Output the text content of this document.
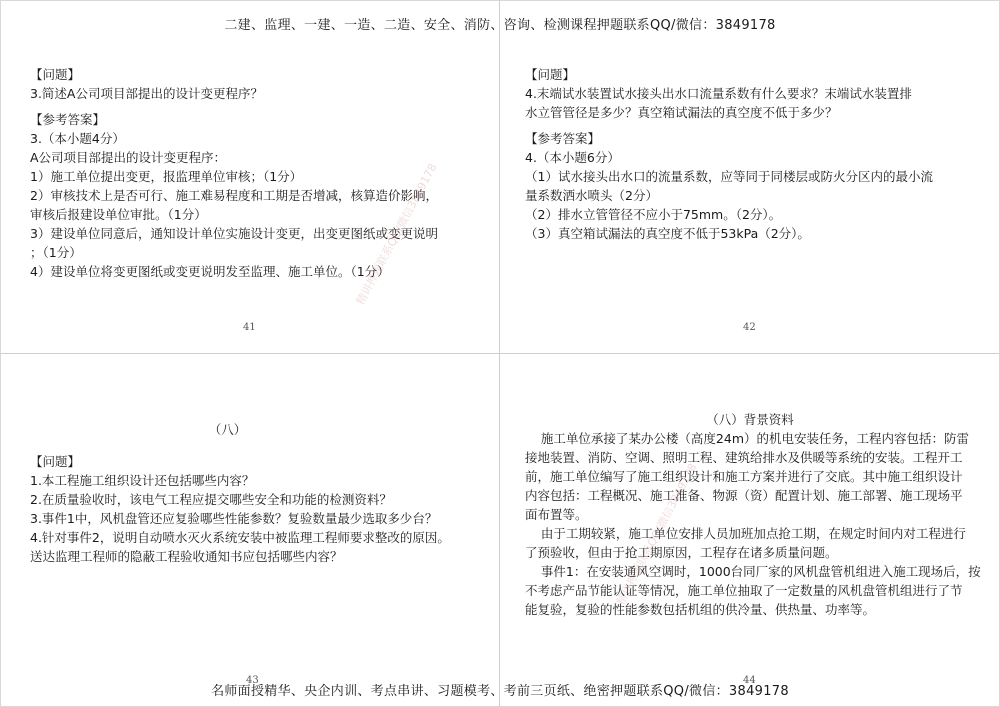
二建、监理、一建、一造、二造、安全、消防、咨询、检测课程押题联系QQ/微信：3849178

【问题】

3.简述A公司项目部提出的设计变更程序？

【参考答案】

3.（本小题4分）

A公司项目部提出的设计变更程序：

1）施工单位提出变更，报监理单位审核；（1分）

2）审核技术上是否可行、施工难易程度和工期是否增减，核算造价影响，

审核后报建设单位审批。（1分）

3）建设单位同意后，通知设计单位实施设计变更，出变更图纸或变更说明

；（1分）

4）建设单位将变更图纸或变更说明发至监理、施工单位。（1分）

41

【问题】

4.末端试水装置试水接头出水口流量系数有什么要求？末端试水装置排

水立管管径是多少？真空箱试漏法的真空度不低于多少？

【参考答案】

4.（本小题6分）

（1）试水接头出水口的流量系数，应等同于同楼层或防火分区内的最小流

量系数洒水喷头（2分）

（2）排水立管管径不应小于75mm。（2分）。

（3）真空箱试漏法的真空度不低于53kPa（2分）。

42
（八）

【问题】

1.本工程施工组织设计还包括哪些内容？

2.在质量验收时，该电气工程应提交哪些安全和功能的检测资料？

3.事件1中，风机盘管还应复验哪些性能参数？复验数量最少选取多少台？

4.针对事件2，说明自动喷水灭火系统安装中被监理工程师要求整改的原因。

送达监理工程师的隐蔽工程验收通知书应包括哪些内容？

43
（八）背景资料

施工单位承接了某办公楼（高度24m）的机电安装任务，工程内容包括：防雷

接地装置、消防、空调、照明工程、建筑给排水及供暖等系统的安装。工程开工

前，施工单位编写了施工组织设计和施工方案并进行了交底。其中施工组织设计

内容包括：工程概况、施工准备、物源（资）配置计划、施工部署、施工现场平

面布置等。

由于工期较紧，施工单位安排人员加班加点抢工期，在规定时间内对工程进行

了预验收，但由于抢工期原因，工程存在诸多质量问题。

事件1：在安装通风空调时，1000台同厂家的风机盘管机组进入施工现场后，按

不考虑产品节能认证等情况，施工单位抽取了一定数量的风机盘管机组进行了节

能复验，复验的性能参数包括机组的供冷量、供热量、功率等。

44
精讲押题联系QQ/微信3849178
精讲押题联系QQ/微信3849178
名师面授精华、央企内训、考点串讲、习题模考、考前三页纸、绝密押题联系QQ/微信：3849178
